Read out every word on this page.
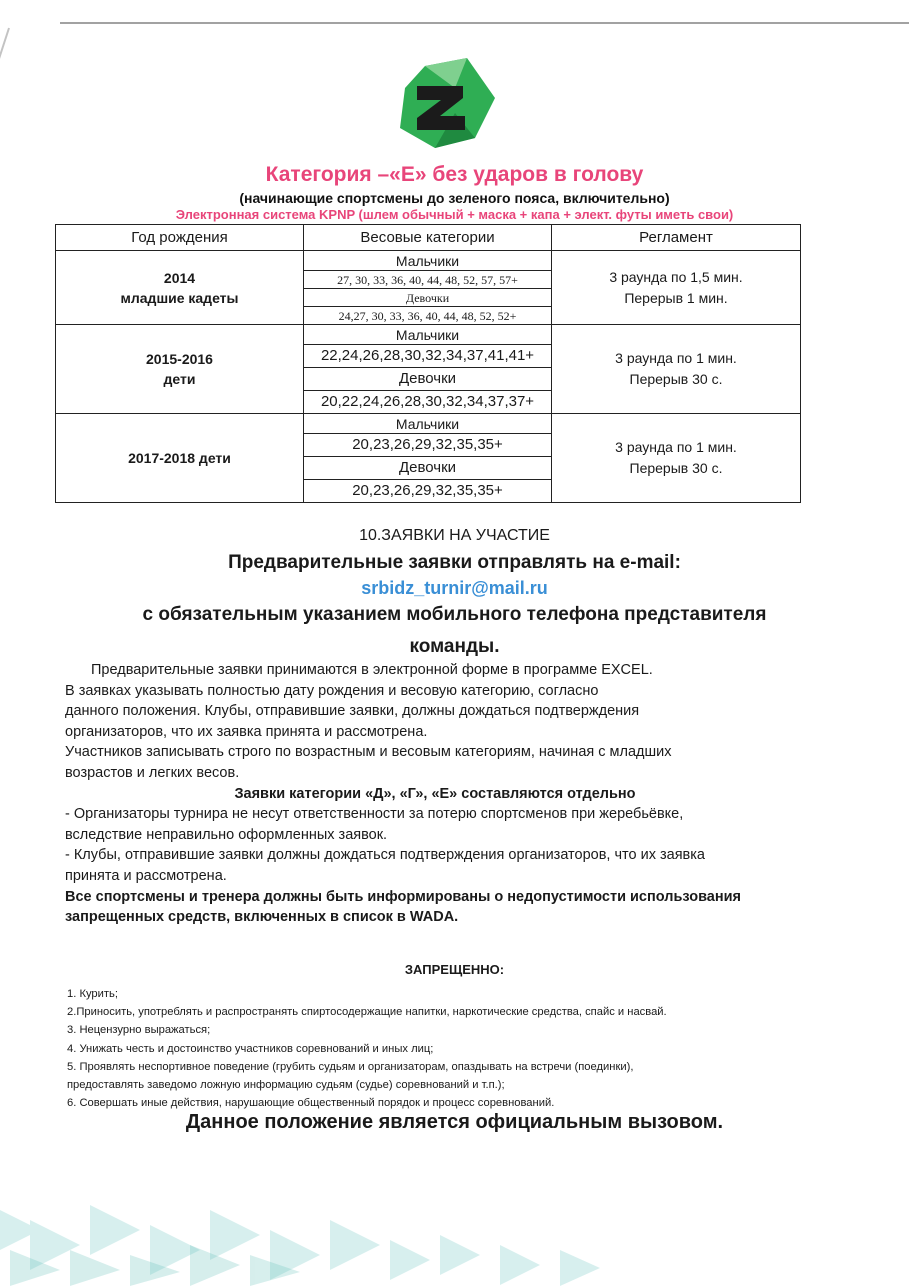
Категория –«Е» без ударов в голову
(начинающие спортсмены до зеленого пояса, включительно)
Электронная система KPNP (шлем обычный + маска + капа + элект. футы иметь свои)
Год рождения	Весовые категории	Регламент
2014
младшие кадеты	Мальчики	3 раунда по 1,5 мин.
Перерыв 1 мин.
	27, 30, 33, 36, 40, 44, 48, 52, 57, 57+	
	Девочки	
	24,27, 30, 33, 36, 40, 44, 48, 52, 52+	
2015-2016
дети	Мальчики	3 раунда по 1 мин.
Перерыв 30 с.
	22,24,26,28,30,32,34,37,41,41+	
	Девочки	
	20,22,24,26,28,30,32,34,37,37+	
2017-2018 дети	Мальчики	3 раунда по 1 мин.
Перерыв 30 с.
	20,23,26,29,32,35,35+	
	Девочки	
	20,23,26,29,32,35,35+	
10.ЗАЯВКИ НА УЧАСТИЕ
Предварительные заявки отправлять на e-mail:
srbidz_turnir@mail.ru
с обязательным указанием мобильного телефона представителя
команды.
Предварительные заявки принимаются в электронной форме в программе EXCEL.
В заявках указывать полностью дату рождения и весовую категорию, согласно
данного положения. Клубы, отправившие заявки, должны дождаться подтверждения
организаторов, что их заявка принята и рассмотрена.
Участников записывать строго по возрастным и весовым категориям, начиная с младших
возрастов и легких весов.
Заявки категории «Д», «Г», «Е» составляются отдельно
- Организаторы турнира не несут ответственности за потерю спортсменов при жеребьёвке,
вследствие неправильно оформленных заявок.
- Клубы, отправившие заявки должны дождаться подтверждения организаторов, что их заявка
принята и рассмотрена.
Все спортсмены и тренера должны быть информированы о недопустимости использования
запрещенных средств, включенных в список в WADA.
ЗАПРЕЩЕННО:
1. Курить;
2.Приносить, употреблять и распространять спиртосодержащие напитки, наркотические средства, спайс и насвай.
3. Нецензурно выражаться;
4. Унижать честь и достоинство участников соревнований и иных лиц;
5. Проявлять неспортивное поведение (грубить судьям и организаторам, опаздывать на встречи (поединки),
предоставлять заведомо ложную информацию судьям (судье) соревнований и т.п.);
6. Совершать иные действия, нарушающие общественный порядок и процесс соревнований.
Данное положение является официальным вызовом.
